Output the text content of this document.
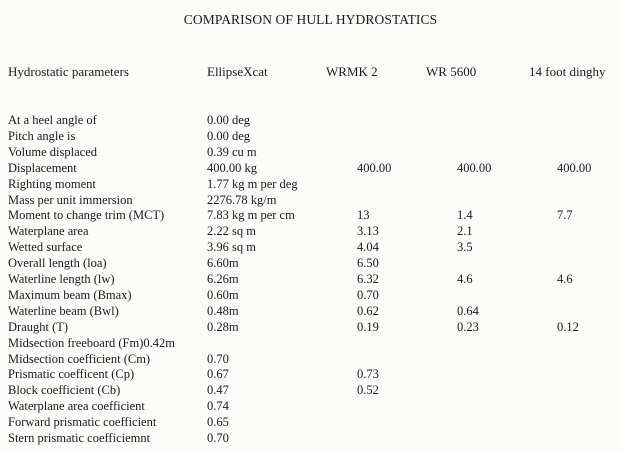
COMPARISON OF HULL HYDROSTATICS
Hydrostatic parameters	EllipseXcat	WRMK 2	WR 5600	14 foot dinghy
At a heel angle of	0.00 deg
Pitch angle is	0.00 deg
Volume displaced	0.39 cu m
Displacement	400.00 kg	400.00	400.00	400.00
Righting moment	1.77 kg m per deg
Mass per unit immersion	2276.78 kg/m
Moment to change trim (MCT)	7.83 kg m per cm	13	1.4	7.7
Waterplane area	2.22 sq m	3.13	2.1
Wetted surface	3.96 sq m	4.04	3.5
Overall length (loa)	6.60m	6.50
Waterline length (lw)	6.26m	6.32	4.6	4.6
Maximum beam (Bmax)	0.60m	0.70
Waterline beam (Bwl)	0.48m	0.62	0.64
Draught (T)	0.28m	0.19	0.23	0.12
Midsection freeboard (Fm)0.42m
Midsection coefficient (Cm)	0.70
Prismatic coefficent (Cp)	0.67	0.73
Block coefficient (Cb)	0.47	0.52
Waterplane area coefficient	0.74
Forward prismatic coefficient	0.65
Stern prismatic coefficiemnt	0.70
